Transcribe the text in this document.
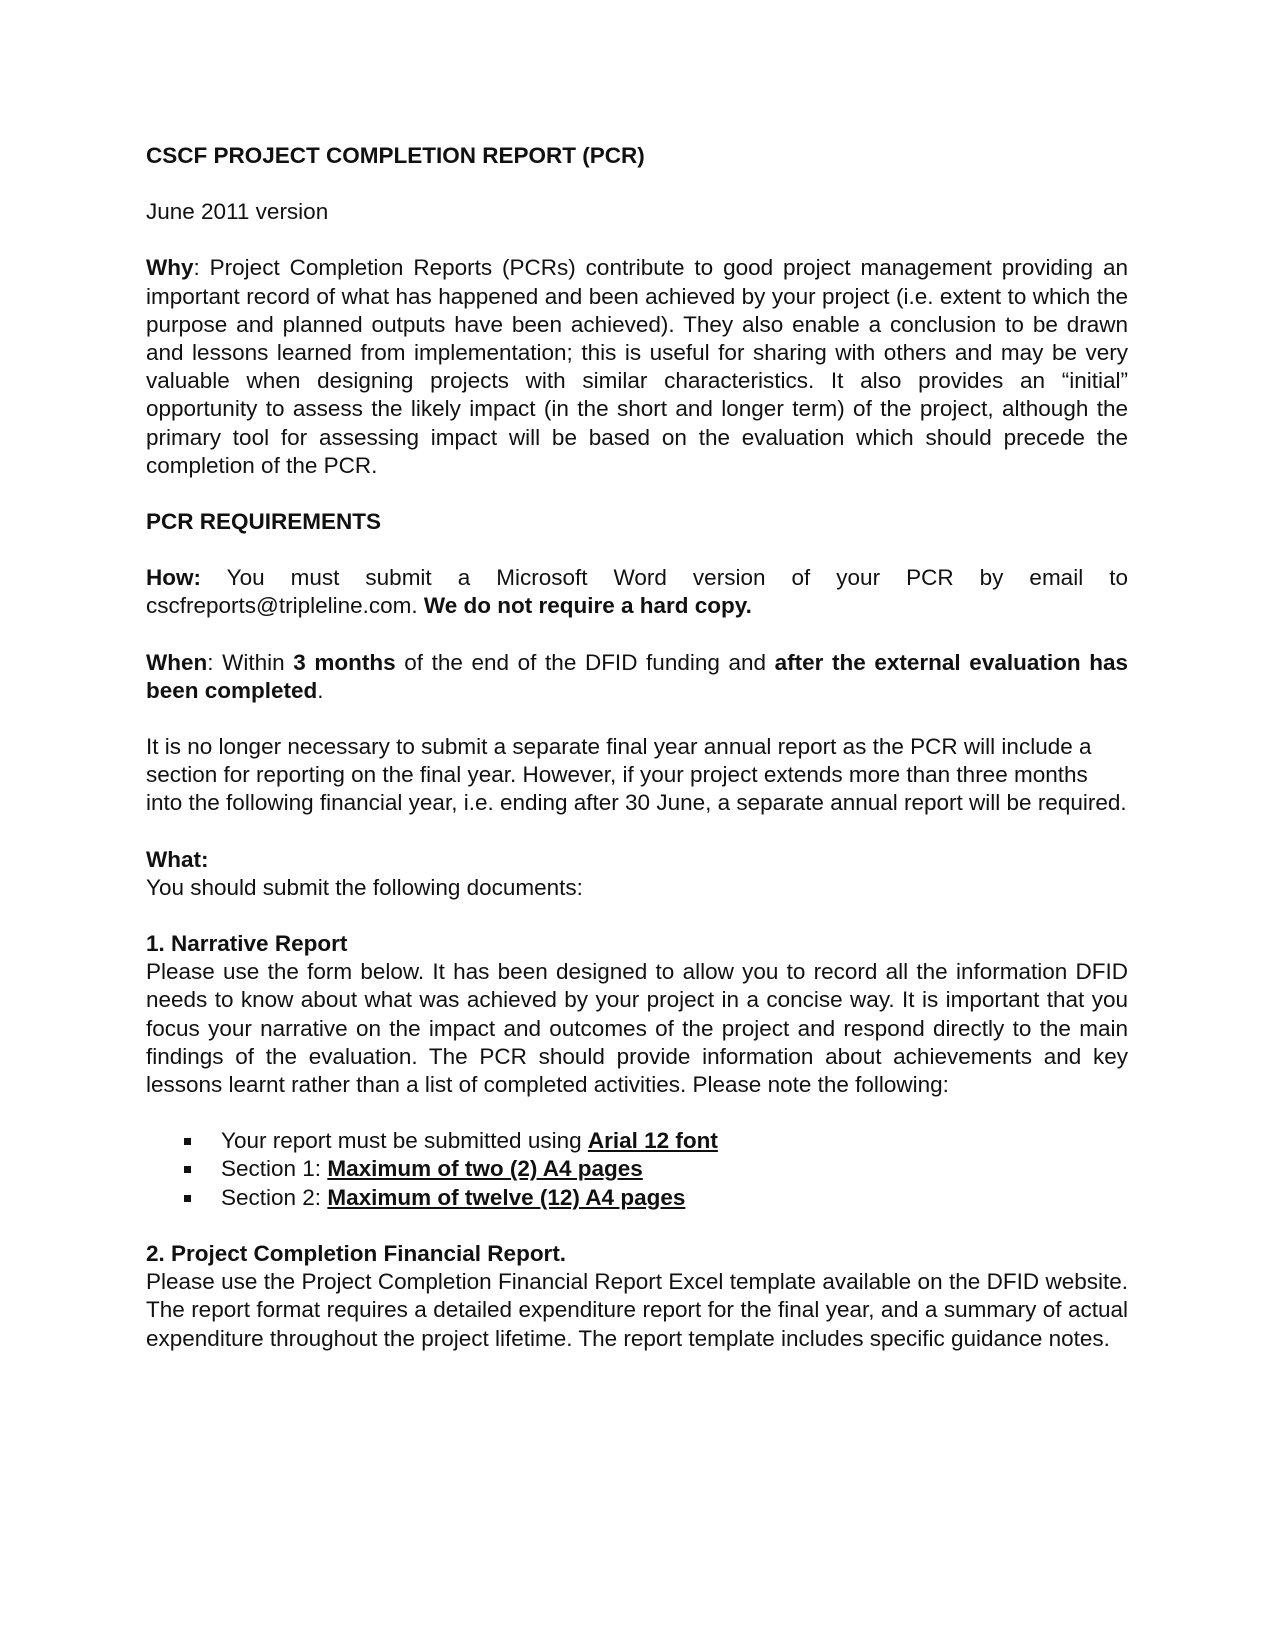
CSCF PROJECT COMPLETION REPORT (PCR)

June 2011 version

Why: Project Completion Reports (PCRs) contribute to good project management providing an important record of what has happened and been achieved by your project (i.e. extent to which the purpose and planned outputs have been achieved). They also enable a conclusion to be drawn and lessons learned from implementation; this is useful for sharing with others and may be very valuable when designing projects with similar characteristics. It also provides an “initial” opportunity to assess the likely impact (in the short and longer term) of the project, although the primary tool for assessing impact will be based on the evaluation which should precede the completion of the PCR.

PCR REQUIREMENTS

How: You must submit a Microsoft Word version of your PCR by email to cscfreports@tripleline.com. We do not require a hard copy.

When: Within 3 months of the end of the DFID funding and after the external evaluation has been completed.

It is no longer necessary to submit a separate final year annual report as the PCR will include a section for reporting on the final year. However, if your project extends more than three months into the following financial year, i.e. ending after 30 June, a separate annual report will be required.

What:

You should submit the following documents:

1. Narrative Report

Please use the form below. It has been designed to allow you to record all the information DFID needs to know about what was achieved by your project in a concise way. It is important that you focus your narrative on the impact and outcomes of the project and respond directly to the main findings of the evaluation. The PCR should provide information about achievements and key lessons learnt rather than a list of completed activities. Please note the following:

Your report must be submitted using Arial 12 font
Section 1: Maximum of two (2) A4 pages
Section 2: Maximum of twelve (12) A4 pages

2. Project Completion Financial Report.

Please use the Project Completion Financial Report Excel template available on the DFID website. The report format requires a detailed expenditure report for the final year, and a summary of actual expenditure throughout the project lifetime. The report template includes specific guidance notes.
